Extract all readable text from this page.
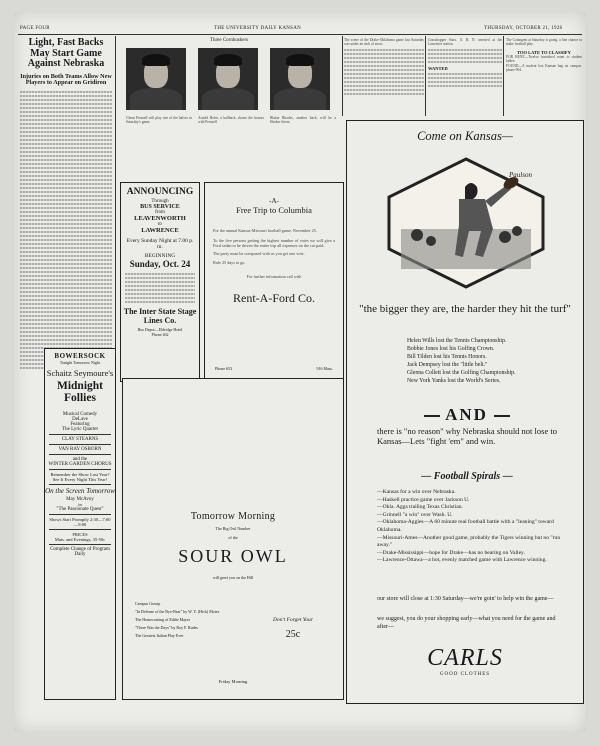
PAGE FOUR	THE UNIVERSITY DAILY KANSAN	THURSDAY, OCTOBER 21, 1926
Light, Fast Backs May Start Game Against Nebraska
Injuries on Both Teams Allow New Players to Appear on Gridiron
Three Cornhuskers
Glenn Presnell will play one of the halves in Saturday's game.
Arnold Holm, a halfback, shares the honors with Presnell.
Blaine Rhodes, another back, will be a Husker threat.
The scene of the Drake-Oklahoma game last Saturday was under an inch of snow.
Grasshopper Stars, A. B. N. arrested at the Lawrence station.
WANTED
The Cotangent at Saturday is going, a fine chance to make football play.
TOO LATE TO CLASSIFY
FOR RENT—Twelve furnished room to student ladies.
FOUND—A student lost Kansan bag on campus, phone 904.
ANNOUNCING
Through
BUS SERVICE
from
LEAVENWORTH
to
LAWRENCE
Every Sunday Night at 7.00 p. m.
BEGINNING
Sunday, Oct. 24
The Inter State Stage Lines Co.
Bus Depot—Eldridge Hotel
Phone 262
-A-
Free Trip to Columbia
For the annual Kansas-Missouri football game, November 25.
To the five persons getting the highest number of votes we will give a Ford sedan to be driven the entire trip all expenses on the car paid.
The party must be composed with us you get one vote.
Rule 25 days to go.
For further information call with
Rent-A-Ford Co.
Phone 653	916 Mass.
BOWERSOCK
Tonight Tomorrow Night
Schaitz Seymoure's
Midnight
Follies
Musical Comedy
DeLave
Featuring
The Lyric Quartet
CLAY STEARNS
VAN RAY OSBORN
and the
WINTER GARDEN CHORUS
Remember the Show Last Year? See It Every Night This Year!
On the Screen Tomorrow
May McAvoy
in
"The Passionate Quest"
Shows Start Promptly 2:30—7:00—9:00
PRICES
Mats. and Evenings, 35-50c
Complete Change of Program Daily
Tomorrow Morning
The Big Owl Number
of the
SOUR OWL
will greet you on the Hill
Campus Gossip
"In Defense of the Bye-Bear" by W. Y. (Hick) Motes
The Homecoming of Eddie Mayer
"There Was the Days" by Roy F. Rudes
The Greatest Italian Play Ever
Don't Forget Your
25c
Friday Morning
Come on Kansas—
Paulson
"the bigger they are, the harder they hit the turf"
Helen Wills lost the Tennis Championship.
Bobbie Jones lost his Golfing Crown.
Bill Tilden lost his Tennis Honors.
Jack Dempsey lost the "little belt."
Glenna Collett lost the Golfing Championship.
New York Yanks lost the World's Series.
AND
there is "no reason" why Nebraska should not lose to Kansas—Lets "fight 'em" and win.
— Football Spirals —
—Kansas for a win over Nebraska.
—Haskell practice game over Jackson U.
—Okla. Aggs trailing Texas Christian.
—Grinnell "a win" over Wash. U.
—Oklahoma-Aggies—A 60 minute real football battle with a "leaning" toward Oklahoma.
—Missouri-Ames—Another good game, probably the Tigers winning but no "run away."
—Drake-Mississippi—hope for Drake—has no bearing on Valley.
—Lawrence-Ottawa—a hot, evenly matched game with Lawrence winning.
our store will close at 1:30 Saturday—we're goin' to help win the game—
we suggest, you do your shopping early—what you need for the game and after—
CARLS
GOOD CLOTHES
